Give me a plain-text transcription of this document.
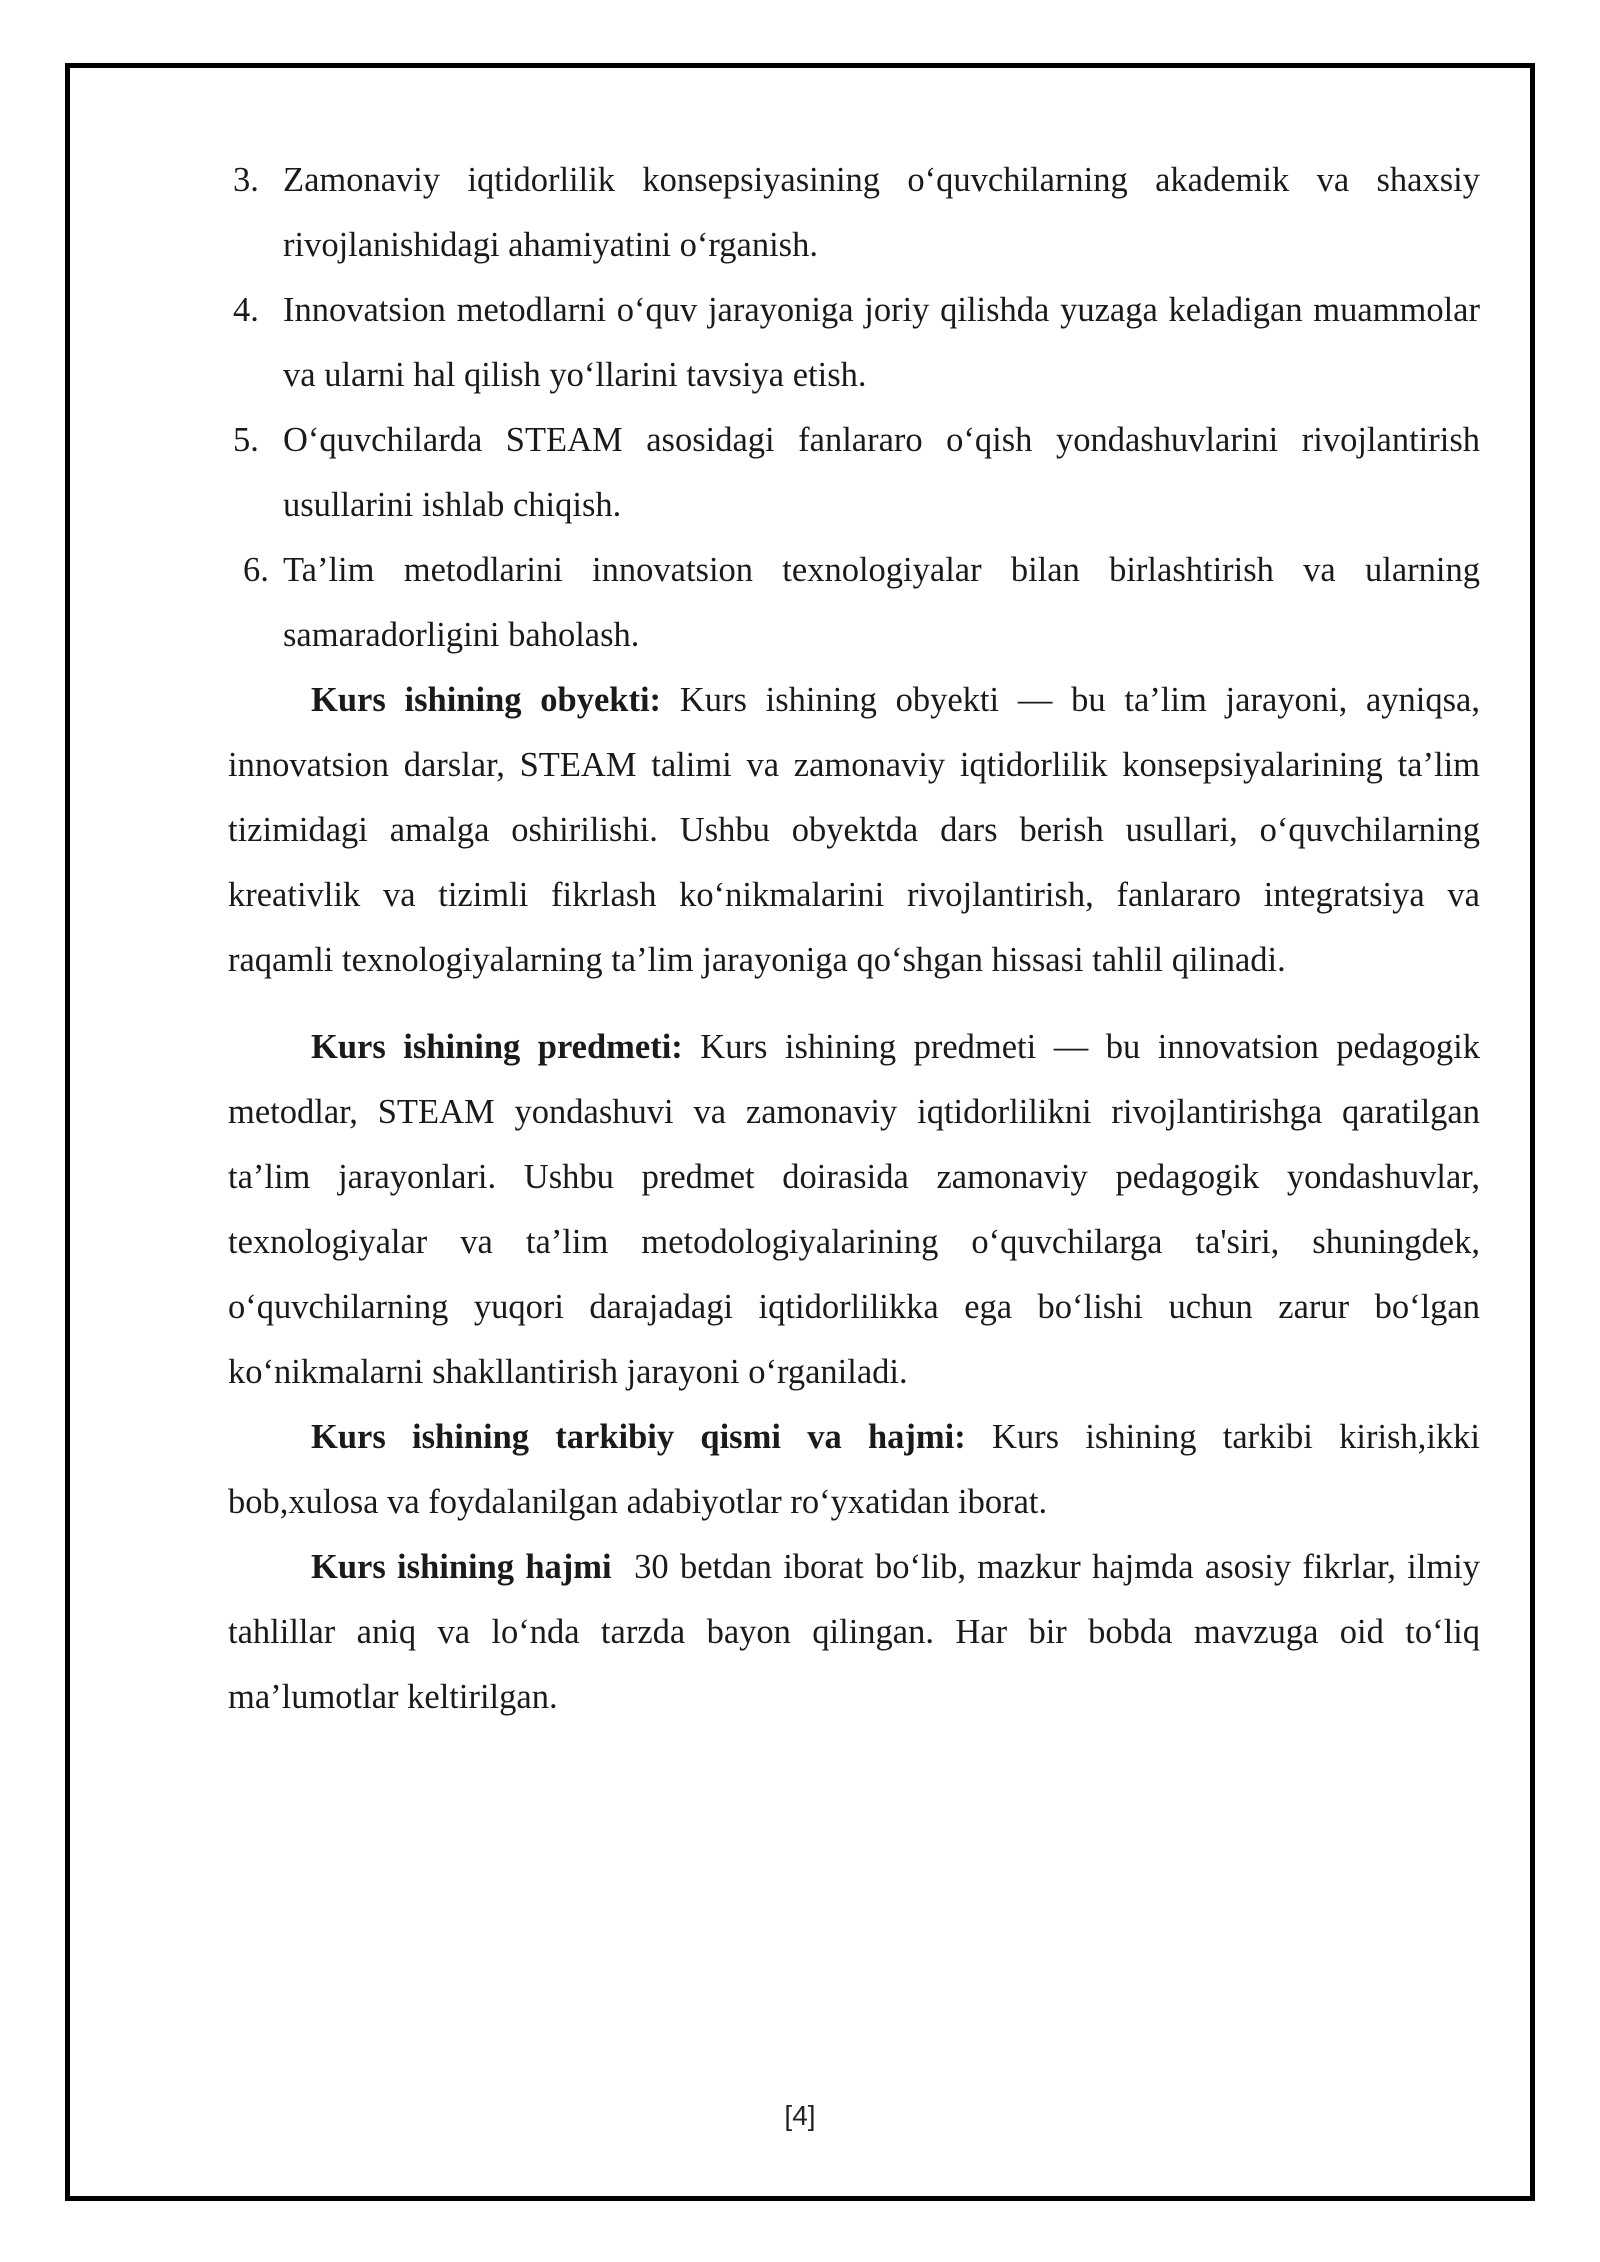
3. Zamonaviy iqtidorlilik konsepsiyasining o‘quvchilarning akademik va shaxsiy rivojlanishidagi ahamiyatini o‘rganish.
4. Innovatsion metodlarni o‘quv jarayoniga joriy qilishda yuzaga keladigan muammolar va ularni hal qilish yo‘llarini tavsiya etish.
5. O‘quvchilarda STEAM asosidagi fanlararo o‘qish yondashuvlarini rivojlantirish usullarini ishlab chiqish.
6. Ta’lim metodlarini innovatsion texnologiyalar bilan birlashtirish va ularning samaradorligini baholash.

Kurs ishining obyekti: Kurs ishining obyekti — bu ta’lim jarayoni, ayniqsa, innovatsion darslar, STEAM talimi va zamonaviy iqtidorlilik konsepsiyalarining ta’lim tizimidagi amalga oshirilishi. Ushbu obyektda dars berish usullari, o‘quvchilarning kreativlik va tizimli fikrlash ko‘nikmalarini rivojlantirish, fanlararo integratsiya va raqamli texnologiyalarning ta’lim jarayoniga qo‘shgan hissasi tahlil qilinadi.

Kurs ishining predmeti: Kurs ishining predmeti — bu innovatsion pedagogik metodlar, STEAM yondashuvi va zamonaviy iqtidorlilikni rivojlantirishga qaratilgan ta’lim jarayonlari. Ushbu predmet doirasida zamonaviy pedagogik yondashuvlar, texnologiyalar va ta’lim metodologiyalarining o‘quvchilarga ta'siri, shuningdek, o‘quvchilarning yuqori darajadagi iqtidorlilikka ega bo‘lishi uchun zarur bo‘lgan ko‘nikmalarni shakllantirish jarayoni o‘rganiladi.

Kurs ishining tarkibiy qismi va hajmi: Kurs ishining tarkibi kirish,ikki bob,xulosa va foydalanilgan adabiyotlar ro‘yxatidan iborat.

Kurs ishining hajmi  30 betdan iborat bo‘lib, mazkur hajmda asosiy fikrlar, ilmiy tahlillar aniq va lo‘nda tarzda bayon qilingan. Har bir bobda mavzuga oid to‘liq ma’lumotlar keltirilgan.

[4]
